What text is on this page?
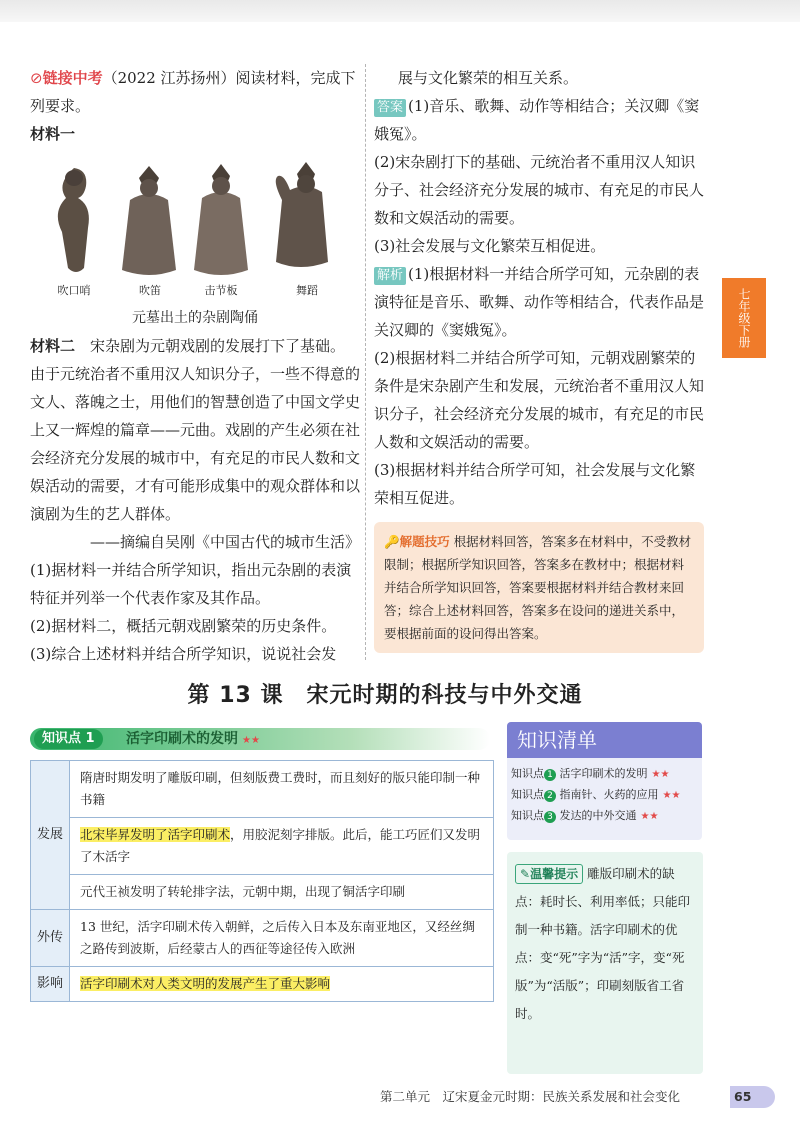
⊘链接中考（2022 江苏扬州）阅读材料，完成下列要求。
材料一
吹口哨	吹笛	击节板	舞蹈
元墓出土的杂剧陶俑
材料二　 宋杂剧为元朝戏剧的发展打下了基础。由于元统治者不重用汉人知识分子，一些不得意的文人、落魄之士，用他们的智慧创造了中国文学史上又一辉煌的篇章——元曲。戏剧的产生必须在社会经济充分发展的城市中，有充足的市民人数和文娱活动的需要，才有可能形成集中的观众群体和以演剧为生的艺人群体。
——摘编自吴刚《中国古代的城市生活》
(1)据材料一并结合所学知识，指出元杂剧的表演特征并列举一个代表作家及其作品。
(2)据材料二，概括元朝戏剧繁荣的历史条件。
(3)综合上述材料并结合所学知识，说说社会发
展与文化繁荣的相互关系。
答案 (1)音乐、歌舞、动作等相结合；关汉卿《窦娥冤》。
(2)宋杂剧打下的基础、元统治者不重用汉人知识分子、社会经济充分发展的城市、有充足的市民人数和文娱活动的需要。
(3)社会发展与文化繁荣互相促进。
解析 (1)根据材料一并结合所学可知，元杂剧的表演特征是音乐、歌舞、动作等相结合，代表作品是关汉卿的《窦娥冤》。
(2)根据材料二并结合所学可知，元朝戏剧繁荣的条件是宋杂剧产生和发展，元统治者不重用汉人知识分子，社会经济充分发展的城市，有充足的市民人数和文娱活动的需要。
(3)根据材料并结合所学可知，社会发展与文化繁荣相互促进。
🔑解题技巧 根据材料回答，答案多在材料中，不受教材限制；根据所学知识回答，答案多在教材中；根据材料并结合所学知识回答，答案要根据材料并结合教材来回答；综合上述材料回答，答案多在设问的递进关系中，要根据前面的设问得出答案。
七年级下册
第 13 课　宋元时期的科技与中外交通
知识点 1	活字印刷术的发明 ★★
发展	隋唐时期发明了雕版印刷，但刻版费工费时，而且刻好的版只能印制一种书籍
	北宋毕昇发明了活字印刷术，用胶泥刻字排版。此后，能工巧匠们又发明了木活字
	元代王祯发明了转轮排字法，元朝中期，出现了铜活字印刷
外传	13 世纪，活字印刷术传入朝鲜，之后传入日本及东南亚地区，又经丝绸之路传到波斯，后经蒙古人的西征等途径传入欧洲
影响	活字印刷术对人类文明的发展产生了重大影响
知识清单
知识点 1 活字印刷术的发明 ★★
知识点 2 指南针、火药的应用 ★★
知识点 3 发达的中外交通 ★★
✎温馨提示 雕版印刷术的缺点：耗时长、利用率低；只能印制一种书籍。活字印刷术的优点：变“死”字为“活”字，变“死版”为“活版”；印刷刻版省工省时。
第二单元　辽宋夏金元时期：民族关系发展和社会变化	65
